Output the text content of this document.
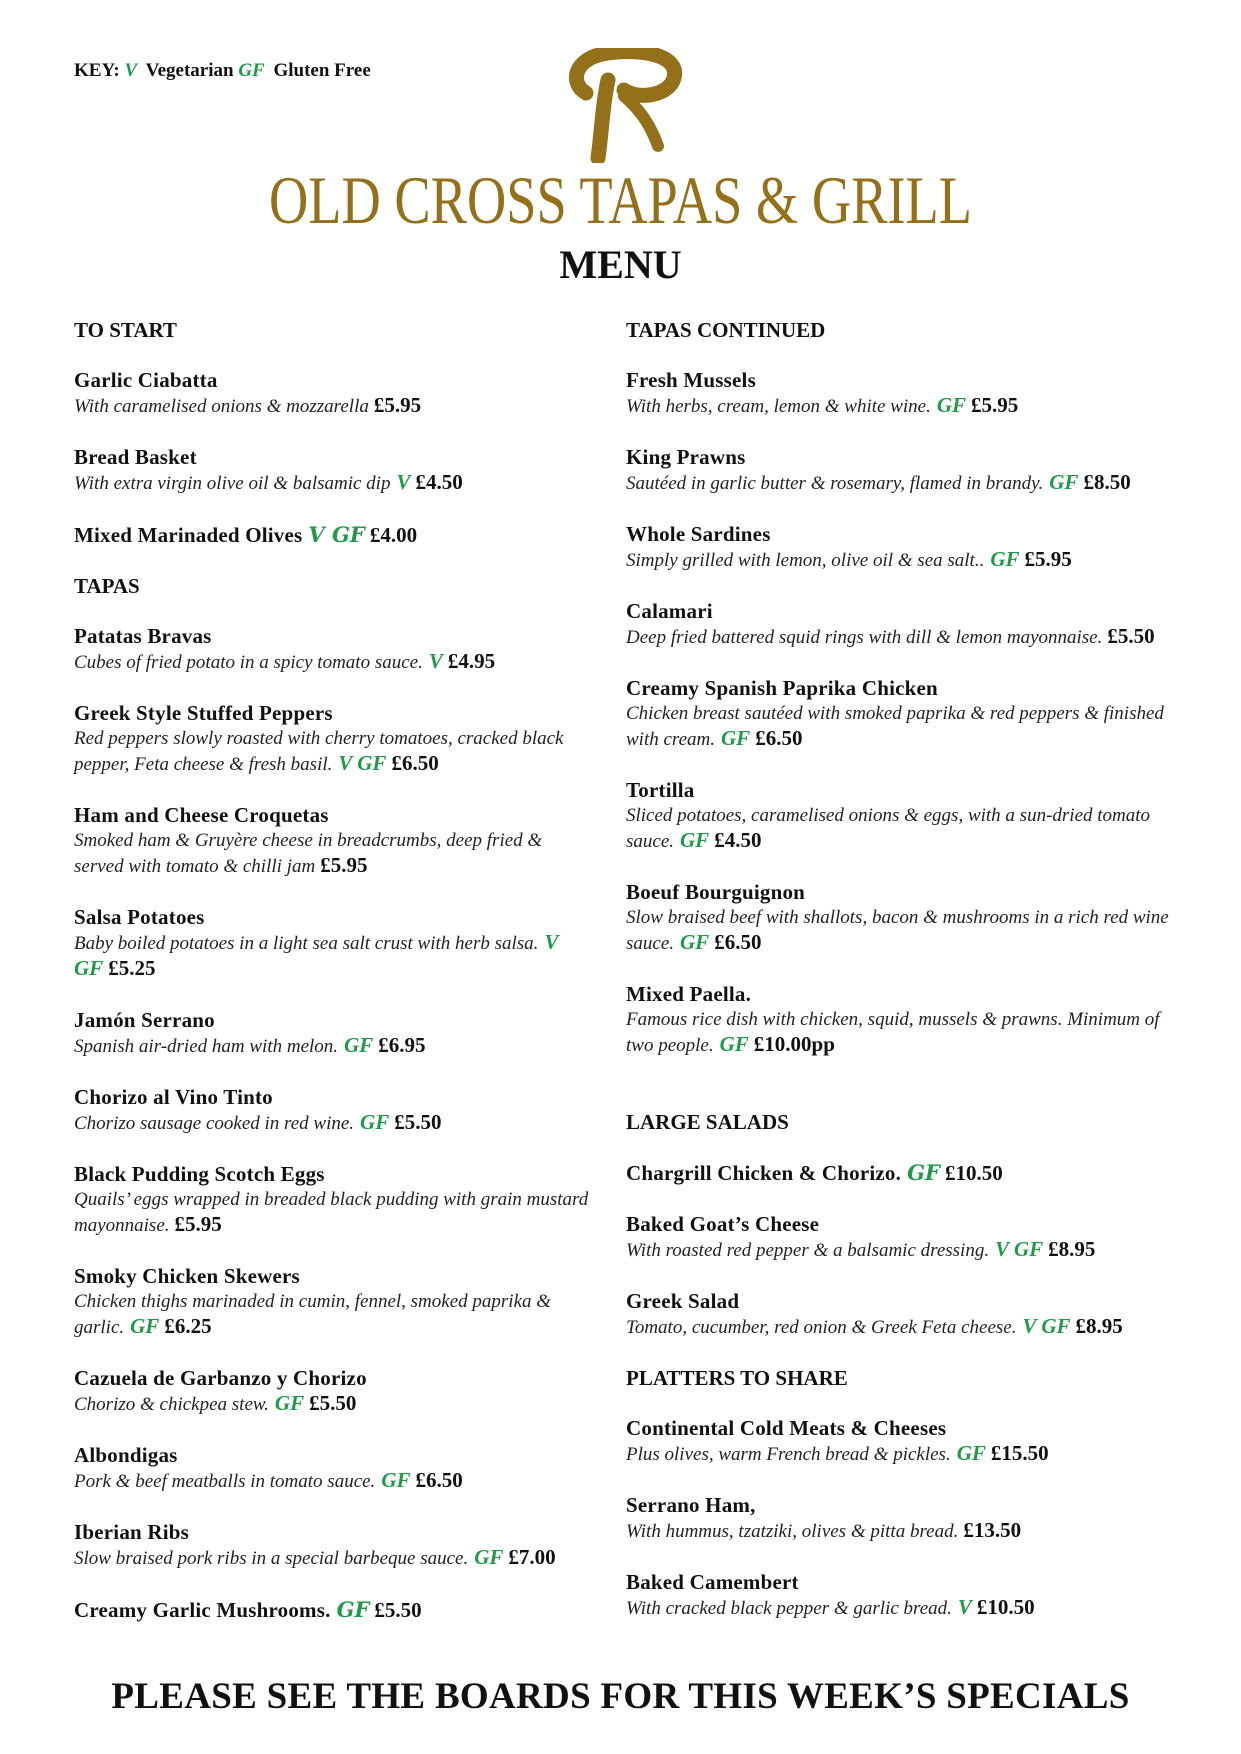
KEY: V Vegetarian GF Gluten Free
OLD CROSS TAPAS & GRILL
MENU
TO START
Garlic Ciabatta
With caramelised onions & mozzarella £5.95
Bread Basket
With extra virgin olive oil & balsamic dip V £4.50
Mixed Marinaded Olives V GF £4.00
TAPAS
Patatas Bravas
Cubes of fried potato in a spicy tomato sauce. V £4.95
Greek Style Stuffed Peppers
Red peppers slowly roasted with cherry tomatoes, cracked black pepper, Feta cheese & fresh basil. V GF £6.50
Ham and Cheese Croquetas
Smoked ham & Gruyère cheese in breadcrumbs, deep fried & served with tomato & chilli jam £5.95
Salsa Potatoes
Baby boiled potatoes in a light sea salt crust with herb salsa. V GF £5.25
Jamón Serrano
Spanish air-dried ham with melon. GF £6.95
Chorizo al Vino Tinto
Chorizo sausage cooked in red wine. GF £5.50
Black Pudding Scotch Eggs
Quails’ eggs wrapped in breaded black pudding with grain mustard mayonnaise. £5.95
Smoky Chicken Skewers
Chicken thighs marinaded in cumin, fennel, smoked paprika & garlic. GF £6.25
Cazuela de Garbanzo y Chorizo
Chorizo & chickpea stew. GF £5.50
Albondigas
Pork & beef meatballs in tomato sauce. GF £6.50
Iberian Ribs
Slow braised pork ribs in a special barbeque sauce. GF £7.00
Creamy Garlic Mushrooms. GF £5.50
TAPAS CONTINUED
Fresh Mussels
With herbs, cream, lemon & white wine. GF £5.95
King Prawns
Sautéed in garlic butter & rosemary, flamed in brandy. GF £8.50
Whole Sardines
Simply grilled with lemon, olive oil & sea salt.. GF £5.95
Calamari
Deep fried battered squid rings with dill & lemon mayonnaise. £5.50
Creamy Spanish Paprika Chicken
Chicken breast sautéed with smoked paprika & red peppers & finished with cream. GF £6.50
Tortilla
Sliced potatoes, caramelised onions & eggs, with a sun-dried tomato sauce. GF £4.50
Boeuf Bourguignon
Slow braised beef with shallots, bacon & mushrooms in a rich red wine sauce. GF £6.50
Mixed Paella.
Famous rice dish with chicken, squid, mussels & prawns. Minimum of two people. GF £10.00pp
LARGE SALADS
Chargrill Chicken & Chorizo. GF £10.50
Baked Goat’s Cheese
With roasted red pepper & a balsamic dressing. V GF £8.95
Greek Salad
Tomato, cucumber, red onion & Greek Feta cheese. V GF £8.95
PLATTERS TO SHARE
Continental Cold Meats & Cheeses
Plus olives, warm French bread & pickles. GF £15.50
Serrano Ham,
With hummus, tzatziki, olives & pitta bread. £13.50
Baked Camembert
With cracked black pepper & garlic bread. V £10.50
PLEASE SEE THE BOARDS FOR THIS WEEK’S SPECIALS
